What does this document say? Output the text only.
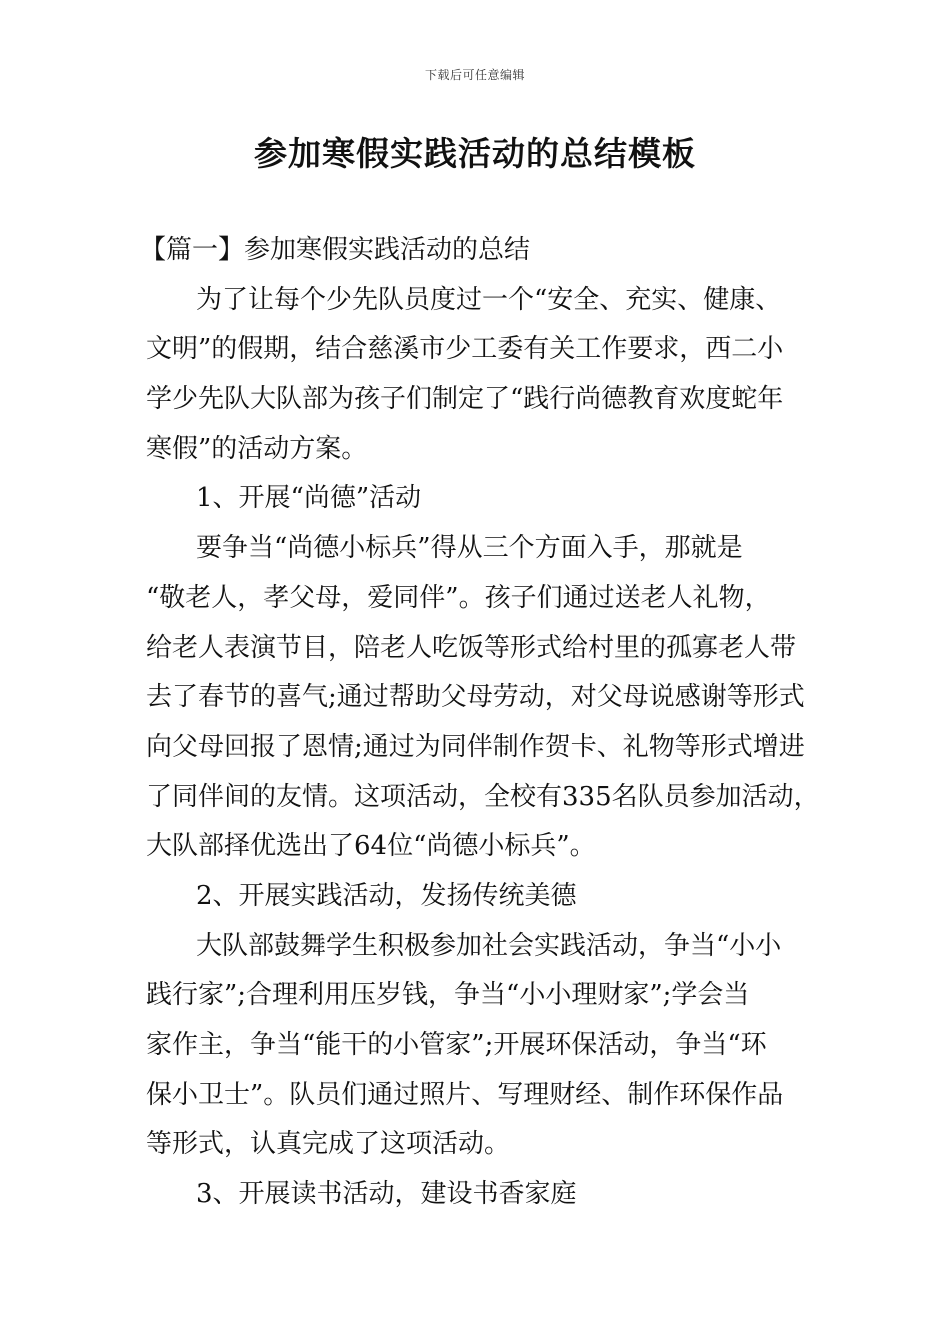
下载后可任意编辑
参加寒假实践活动的总结模板
【篇一】参加寒假实践活动的总结
为了让每个少先队员度过一个“安全、充实、健康、
文明”的假期，结合慈溪市少工委有关工作要求，西二小
学少先队大队部为孩子们制定了“践行尚德教育欢度蛇年
寒假”的活动方案。
1、开展“尚德”活动
要争当“尚德小标兵”得从三个方面入手，那就是
“敬老人，孝父母，爱同伴”。孩子们通过送老人礼物，
给老人表演节目，陪老人吃饭等形式给村里的孤寡老人带
去了春节的喜气;通过帮助父母劳动，对父母说感谢等形式
向父母回报了恩情;通过为同伴制作贺卡、礼物等形式增进
了同伴间的友情。这项活动，全校有335名队员参加活动，
大队部择优选出了64位“尚德小标兵”。
2、开展实践活动，发扬传统美德
大队部鼓舞学生积极参加社会实践活动，争当“小小
践行家”;合理利用压岁钱，争当“小小理财家”;学会当
家作主，争当“能干的小管家”;开展环保活动，争当“环
保小卫士”。队员们通过照片、写理财经、制作环保作品
等形式，认真完成了这项活动。
3、开展读书活动，建设书香家庭
